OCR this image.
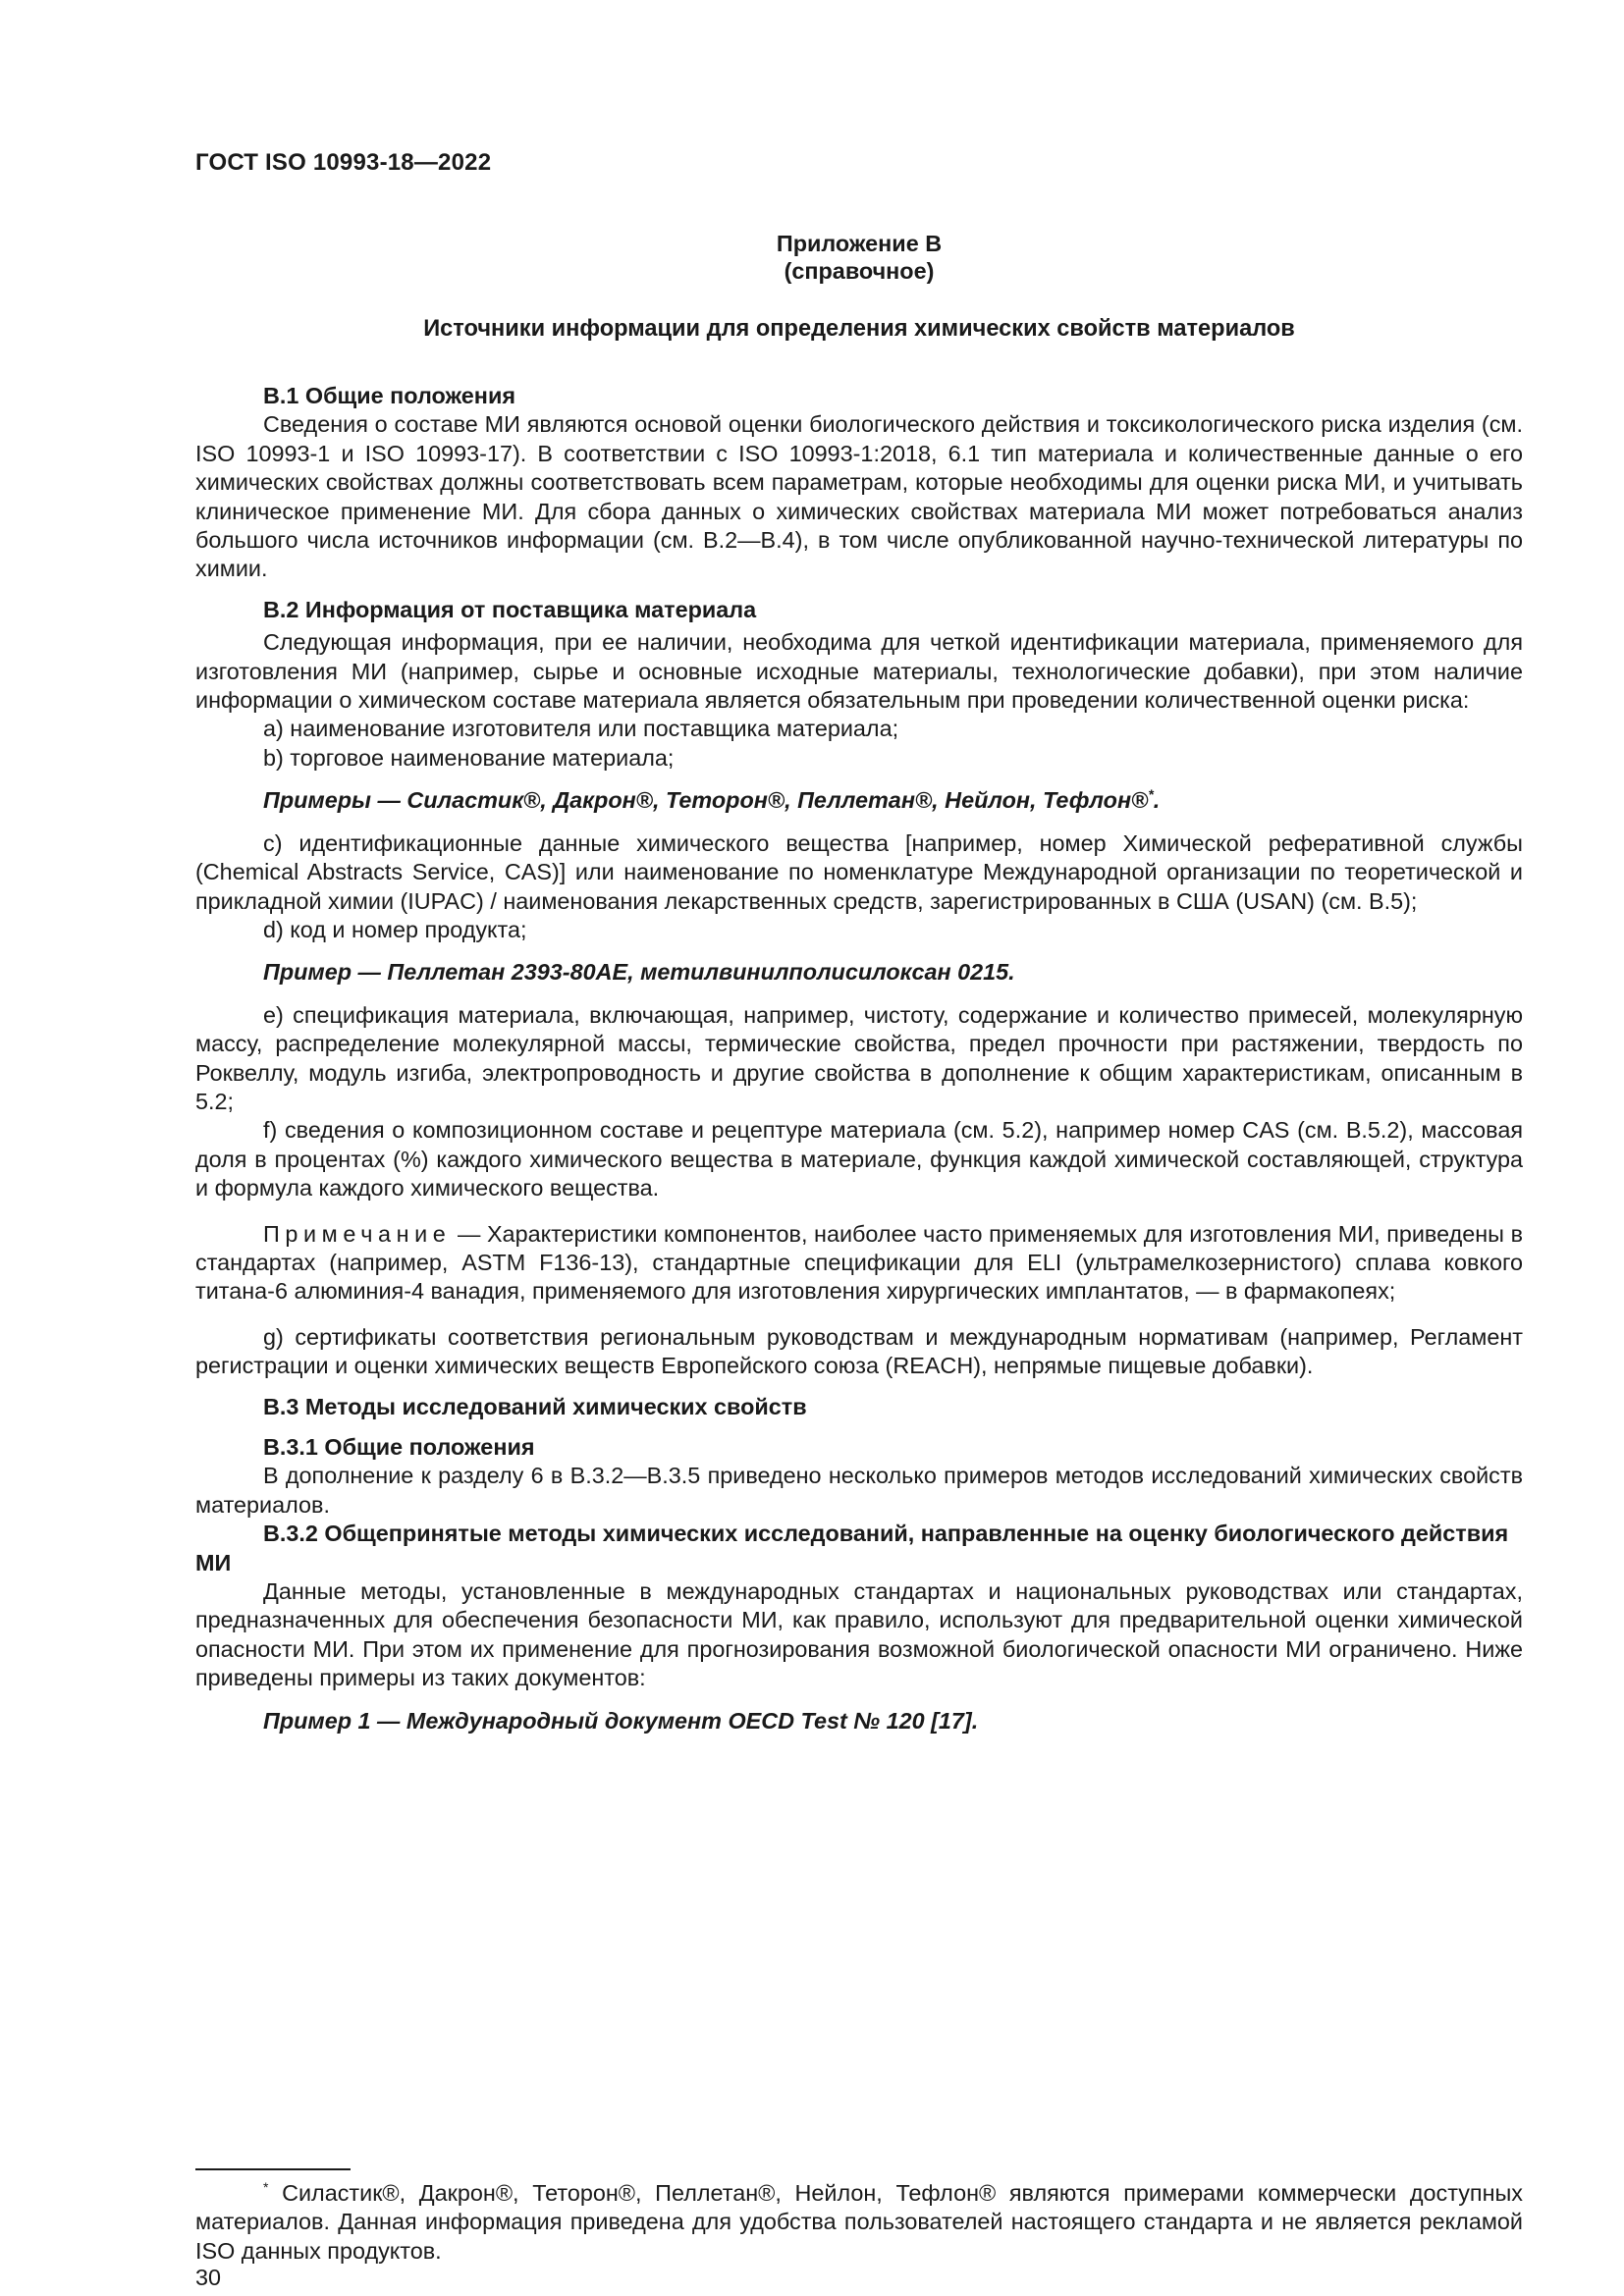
ГОСТ ISO 10993-18—2022

Приложение В

(справочное)

Источники информации для определения химических свойств материалов

В.1 Общие положения

Сведения о составе МИ являются основой оценки биологического действия и токсикологического риска изделия (см. ISO 10993-1 и ISO 10993-17). В соответствии с ISO 10993-1:2018, 6.1 тип материала и количественные данные о его химических свойствах должны соответствовать всем параметрам, которые необходимы для оценки риска МИ, и учитывать клиническое применение МИ. Для сбора данных о химических свойствах материала МИ может потребоваться анализ большого числа источников информации (см. В.2—В.4), в том числе опубликованной научно-технической литературы по химии.

В.2 Информация от поставщика материала

Следующая информация, при ее наличии, необходима для четкой идентификации материала, применяемого для изготовления МИ (например, сырье и основные исходные материалы, технологические добавки), при этом наличие информации о химическом составе материала является обязательным при проведении количественной оценки риска:

a) наименование изготовителя или поставщика материала;

b) торговое наименование материала;

Примеры — Силастик®, Дакрон®, Теторон®, Пеллетан®, Нейлон, Тефлон®*.

c) идентификационные данные химического вещества [например, номер Химической реферативной службы (Chemical Abstracts Service, CAS)] или наименование по номенклатуре Международной организации по теоретической и прикладной химии (IUPAC) / наименования лекарственных средств, зарегистрированных в США (USAN) (см. В.5);

d) код и номер продукта;

Пример — Пеллетан 2393-80АЕ, метилвинилполисилоксан 0215.

e) спецификация материала, включающая, например, чистоту, содержание и количество примесей, молекулярную массу, распределение молекулярной массы, термические свойства, предел прочности при растяжении, твердость по Роквеллу, модуль изгиба, электропроводность и другие свойства в дополнение к общим характеристикам, описанным в 5.2;

f) сведения о композиционном составе и рецептуре материала (см. 5.2), например номер CAS (см. В.5.2), массовая доля в процентах (%) каждого химического вещества в материале, функция каждой химической составляющей, структура и формула каждого химического вещества.

Примечание — Характеристики компонентов, наиболее часто применяемых для изготовления МИ, приведены в стандартах (например, ASTM F136-13), стандартные спецификации для ELI (ультрамелкозернистого) сплава ковкого титана-6 алюминия-4 ванадия, применяемого для изготовления хирургических имплантатов, — в фармакопеях;

g) сертификаты соответствия региональным руководствам и международным нормативам (например, Регламент регистрации и оценки химических веществ Европейского союза (REACH), непрямые пищевые добавки).

В.3 Методы исследований химических свойств

В.3.1 Общие положения

В дополнение к разделу 6 в В.3.2—В.3.5 приведено несколько примеров методов исследований химических свойств материалов.

В.3.2 Общепринятые методы химических исследований, направленные на оценку биологического действия МИ

Данные методы, установленные в международных стандартах и национальных руководствах или стандартах, предназначенных для обеспечения безопасности МИ, как правило, используют для предварительной оценки химической опасности МИ. При этом их применение для прогнозирования возможной биологической опасности МИ ограничено. Ниже приведены примеры из таких документов:

Пример 1 — Международный документ OECD Test № 120 [17].

* Силастик®, Дакрон®, Теторон®, Пеллетан®, Нейлон, Тефлон® являются примерами коммерчески доступных материалов. Данная информация приведена для удобства пользователей настоящего стандарта и не является рекламой ISO данных продуктов.

30
